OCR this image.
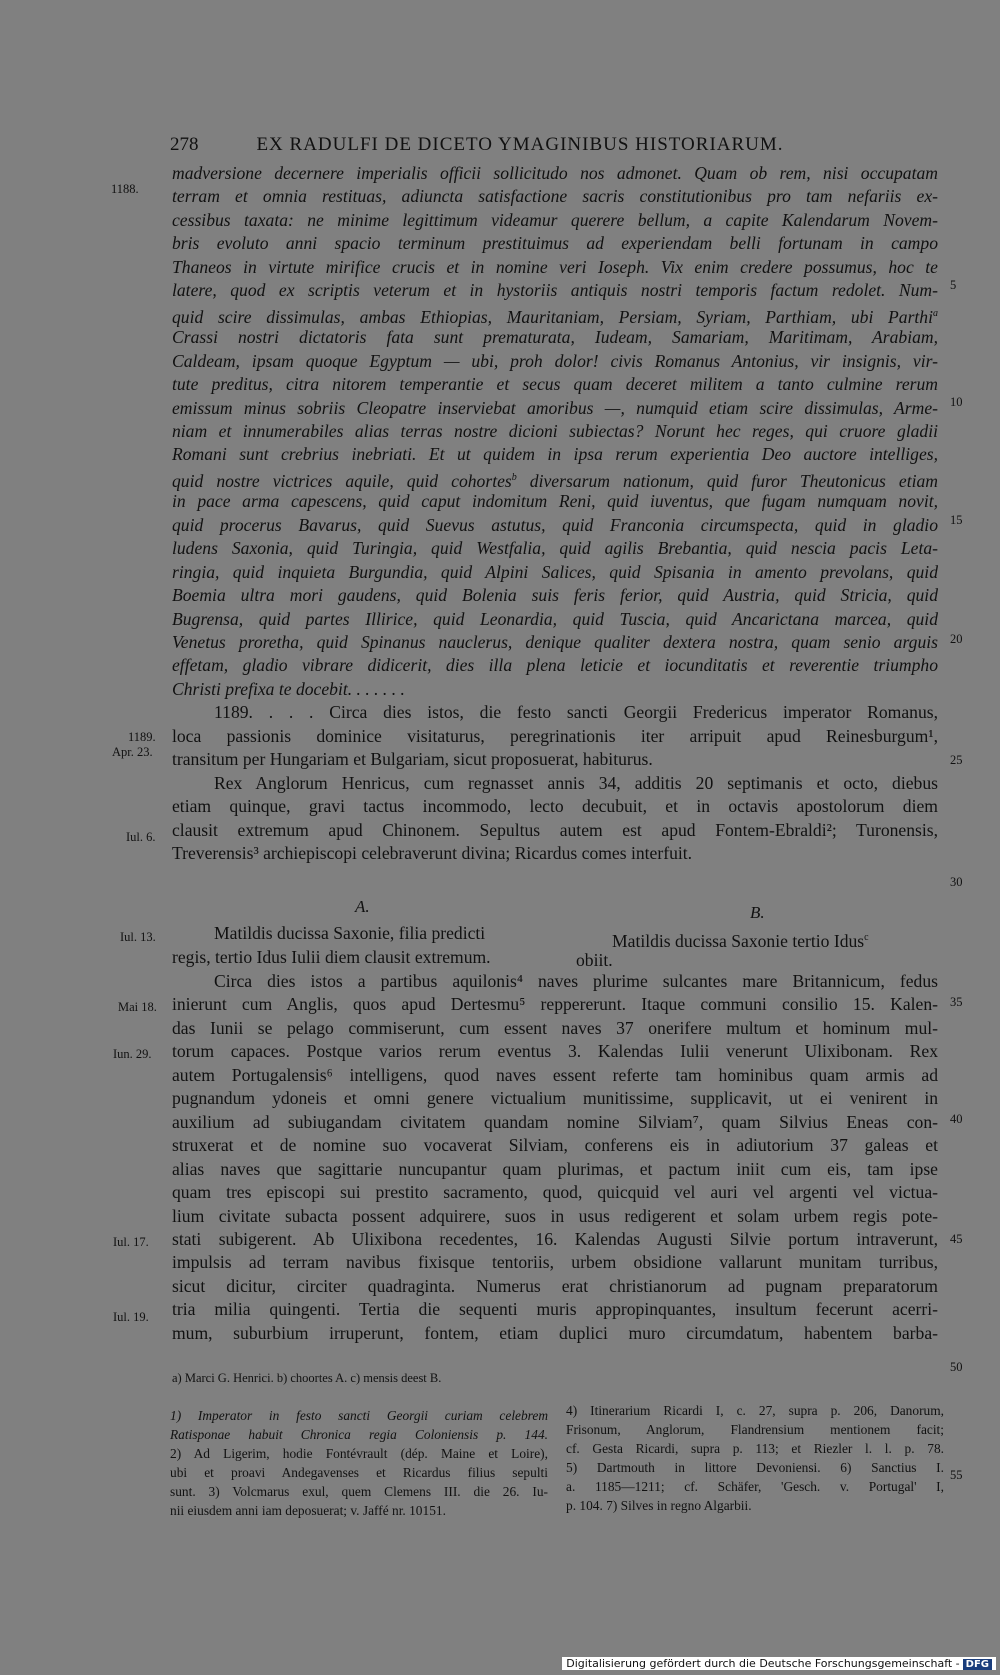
278	EX RADULFI DE DICETO YMAGINIBUS HISTORIARUM.
madversione decernere imperialis officii sollicitudo nos admonet. Quam ob rem, nisi occupatam
terram et omnia restituas, adiuncta satisfactione sacris constitutionibus pro tam nefariis ex-
cessibus taxata: ne minime legittimum videamur querere bellum, a capite Kalendarum Novem-
bris evoluto anni spacio terminum prestituimus ad experiendam belli fortunam in campo
Thaneos in virtute mirifice crucis et in nomine veri Ioseph. Vix enim credere possumus, hoc te
latere, quod ex scriptis veterum et in hystoriis antiquis nostri temporis factum redolet. Num-
quid scire dissimulas, ambas Ethiopias, Mauritaniam, Persiam, Syriam, Parthiam, ubi Parthi$^a$
Crassi nostri dictatoris fata sunt prematurata, Iudeam, Samariam, Maritimam, Arabiam,
Caldeam, ipsam quoque Egyptum — ubi, proh dolor! civis Romanus Antonius, vir insignis, vir-
tute preditus, citra nitorem temperantie et secus quam deceret militem a tanto culmine rerum
emissum minus sobriis Cleopatre inserviebat amoribus —, numquid etiam scire dissimulas, Arme-
niam et innumerabiles alias terras nostre dicioni subiectas? Norunt hec reges, qui cruore gladii
Romani sunt crebrius inebriati. Et ut quidem in ipsa rerum experientia Deo auctore intelliges,
quid nostre victrices aquile, quid cohortes$^b$ diversarum nationum, quid furor Theutonicus etiam
in pace arma capescens, quid caput indomitum Reni, quid iuventus, que fugam numquam novit,
quid procerus Bavarus, quid Suevus astutus, quid Franconia circumspecta, quid in gladio
ludens Saxonia, quid Turingia, quid Westfalia, quid agilis Brebantia, quid nescia pacis Leta-
ringia, quid inquieta Burgundia, quid Alpini Salices, quid Spisania in amento prevolans, quid
Boemia ultra mori gaudens, quid Bolenia suis feris ferior, quid Austria, quid Stricia, quid
Bugrensa, quid partes Illirice, quid Leonardia, quid Tuscia, quid Ancarictana marcea, quid
Venetus proretha, quid Spinanus nauclerus, denique qualiter dextera nostra, quam senio arguis
effetam, gladio vibrare didicerit, dies illa plena leticie et iocunditatis et reverentie triumpho
Christi prefixa te docebit. . . . . . .
1189. . . . Circa dies istos, die festo sancti Georgii Fredericus imperator Romanus,
loca passionis dominice visitaturus, peregrinationis iter arripuit apud Reinesburgum¹,
transitum per Hungariam et Bulgariam, sicut proposuerat, habiturus.
Rex Anglorum Henricus, cum regnasset annis 34, additis 20 septimanis et octo, diebus
etiam quinque, gravi tactus incommodo, lecto decubuit, et in octavis apostolorum diem
clausit extremum apud Chinonem. Sepultus autem est apud Fontem-Ebraldi²; Turonensis,
Treverensis³ archiepiscopi celebraverunt divina; Ricardus comes interfuit.
A.	B.
Matildis ducissa Saxonie, filia predicti
regis, tertio Idus Iulii diem clausit extremum.
Matildis ducissa Saxonie tertio Idus$^c$
obiit.
Circa dies istos a partibus aquilonis⁴ naves plurime sulcantes mare Britannicum, fedus
inierunt cum Anglis, quos apud Dertesmu⁵ reppererunt. Itaque communi consilio 15. Kalen-
das Iunii se pelago commiserunt, cum essent naves 37 onerifere multum et hominum mul-
torum capaces. Postque varios rerum eventus 3. Kalendas Iulii venerunt Ulixibonam. Rex
autem Portugalensis⁶ intelligens, quod naves essent referte tam hominibus quam armis ad
pugnandum ydoneis et omni genere victualium munitissime, supplicavit, ut ei venirent in
auxilium ad subiugandam civitatem quandam nomine Silviam⁷, quam Silvius Eneas con-
struxerat et de nomine suo vocaverat Silviam, conferens eis in adiutorium 37 galeas et
alias naves que sagittarie nuncupantur quam plurimas, et pactum iniit cum eis, tam ipse
quam tres episcopi sui prestito sacramento, quod, quicquid vel auri vel argenti vel victua-
lium civitate subacta possent adquirere, suos in usus redigerent et solam urbem regis pote-
stati subigerent. Ab Ulixibona recedentes, 16. Kalendas Augusti Silvie portum intraverunt,
impulsis ad terram navibus fixisque tentoriis, urbem obsidione vallarunt munitam turribus,
sicut dicitur, circiter quadraginta. Numerus erat christianorum ad pugnam preparatorum
tria milia quingenti. Tertia die sequenti muris appropinquantes, insultum fecerunt acerri-
mum, suburbium irruperunt, fontem, etiam duplici muro circumdatum, habentem barba-
1188.
1189.
Apr. 23.
Iul. 6.
Iul. 13.
Mai 18.
Iun. 29.
Iul. 17.
Iul. 19.
5
10
15
20
25
30
35
40
45
50
55
a) Marci G. Henrici. b) choortes A. c) mensis deest B.
1) Imperator in festo sancti Georgii curiam celebrem
Ratisponae habuit Chronica regia Coloniensis p. 144.
2) Ad Ligerim, hodie Fontévrault (dép. Maine et Loire),
ubi et proavi Andegavenses et Ricardus filius sepulti
sunt. 3) Volcmarus exul, quem Clemens III. die 26. Iu-
nii eiusdem anni iam deposuerat; v. Jaffé nr. 10151.
4) Itinerarium Ricardi I, c. 27, supra p. 206, Danorum,
Frisonum, Anglorum, Flandrensium mentionem facit;
cf. Gesta Ricardi, supra p. 113; et Riezler l. l. p. 78.
5) Dartmouth in littore Devoniensi. 6) Sanctius I.
a. 1185—1211; cf. Schäfer, 'Gesch. v. Portugal' I,
p. 104. 7) Silves in regno Algarbii.
Digitalisierung gefördert durch die Deutsche Forschungsgemeinschaft - DFG
